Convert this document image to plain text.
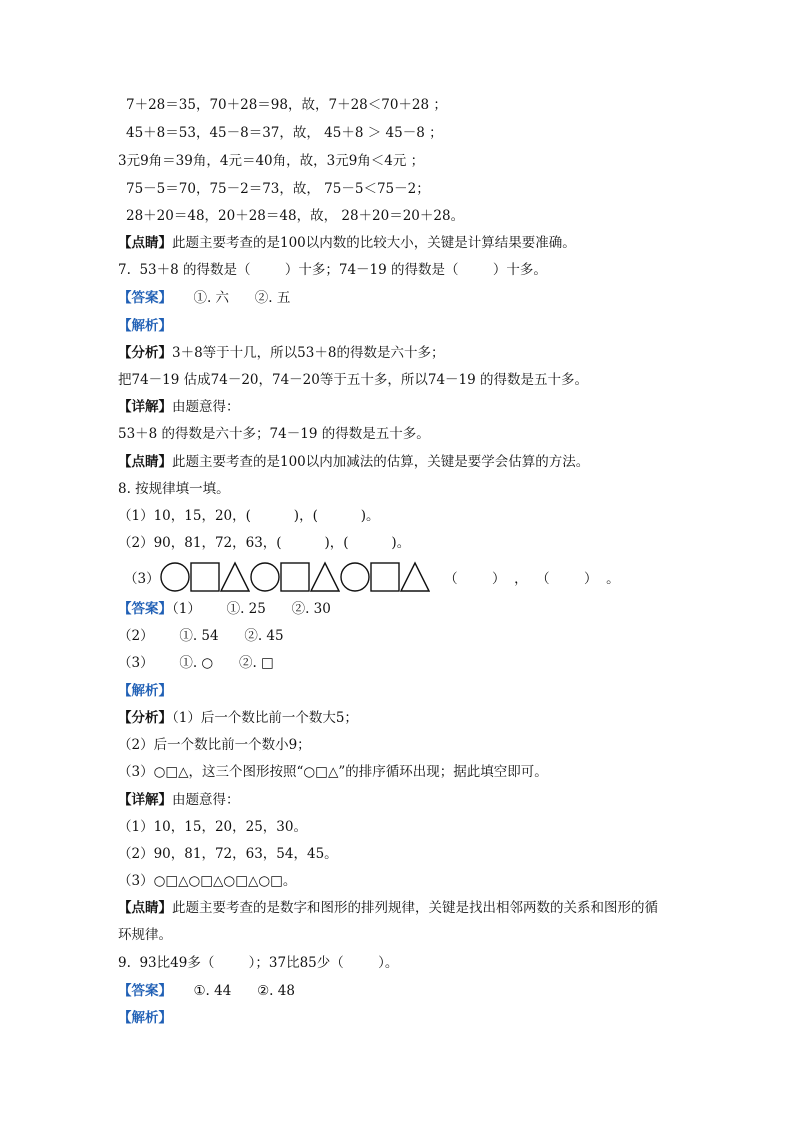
7＋28＝35，70＋28＝98，故，7＋28＜70＋28 ；
45＋8＝53，45－8＝37，故， 45＋8 ＞ 45－8 ；
3元9角＝39角，4元＝40角，故，3元9角＜4元 ；
75－5＝70，75－2＝73，故， 75－5＜75－2；
28＋20＝48，20＋28＝48，故， 28＋20＝20＋28。
【点睛】此题主要考查的是100以内数的比较大小，关键是计算结果要准确。
7.  53＋8 的得数是（        ）十多；74－19 的得数是（        ）十多。
【答案】     ①. 六      ②. 五
【解析】
【分析】3＋8等于十几，所以53＋8的得数是六十多；
把74－19 估成74－20，74－20等于五十多，所以74－19 的得数是五十多。
【详解】由题意得：
53＋8 的得数是六十多；74－19 的得数是五十多。
【点睛】此题主要考查的是100以内加减法的估算，关键是要学会估算的方法。
8. 按规律填一填。
（1）10，15，20，(          )，(          )。
（2）90，81，72，63，(          )，(          )。
（3）	（        ）  ，  （        ）  。
【答案】（1）      ①. 25      ②. 30
（2）      ①. 54      ②. 45
（3）      ①. ○      ②. □
【解析】
【分析】（1）后一个数比前一个数大5；
（2）后一个数比前一个数小9；
（3）○□△，这三个图形按照“○□△”的排序循环出现；据此填空即可。
【详解】由题意得：
（1）10，15，20，25，30。
（2）90，81，72，63，54，45。
（3）○□△○□△○□△○□。
【点睛】此题主要考查的是数字和图形的排列规律，关键是找出相邻两数的关系和图形的循
环规律。
9.  93比49多（        ）；37比85少（        ）。
【答案】     ①. 44      ②. 48
【解析】
